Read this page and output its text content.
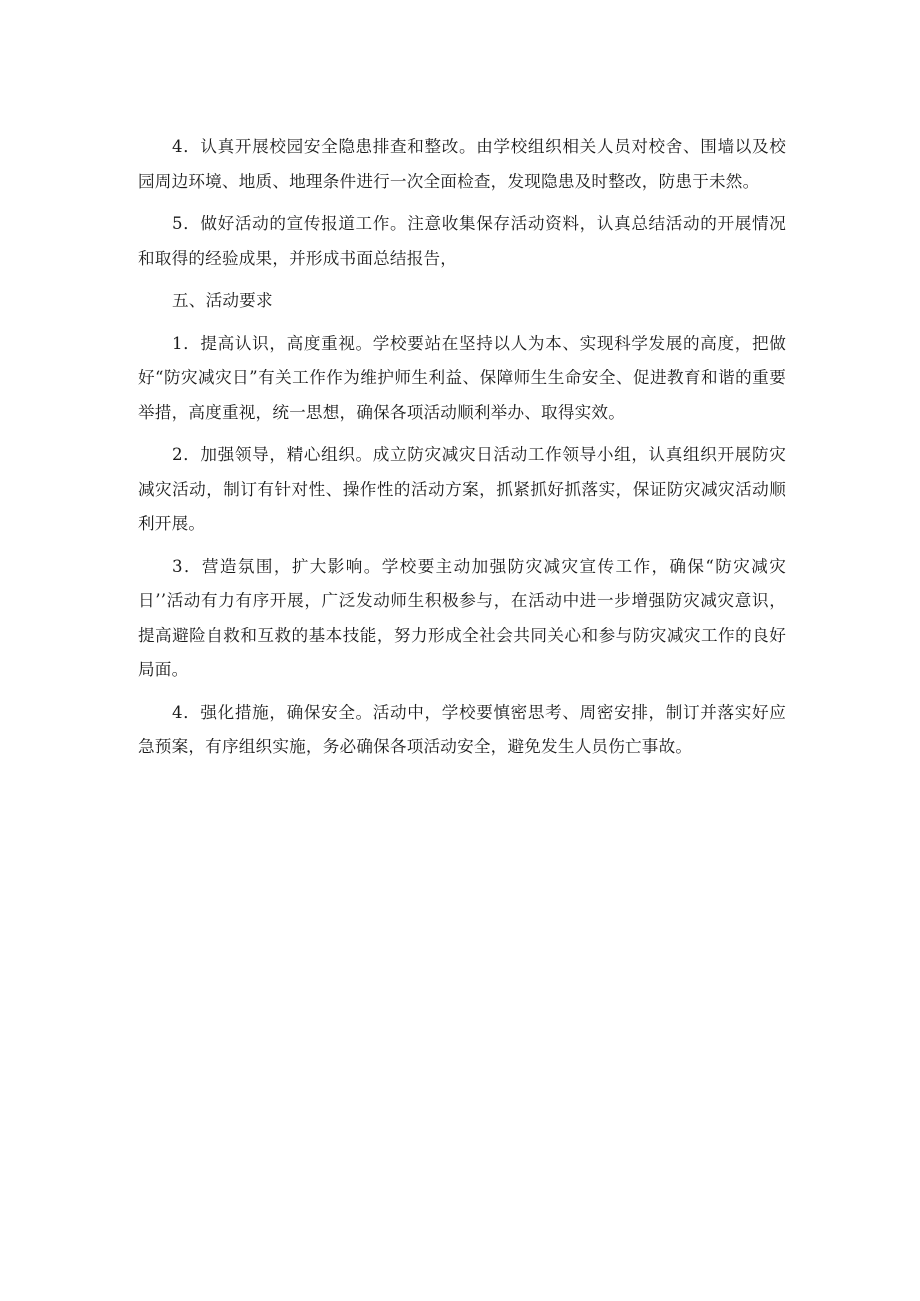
4．认真开展校园安全隐患排查和整改。由学校组织相关人员对校舍、围墙以及校园周边环境、地质、地理条件进行一次全面检查，发现隐患及时整改，防患于未然。

5．做好活动的宣传报道工作。注意收集保存活动资料，认真总结活动的开展情况和取得的经验成果，并形成书面总结报告，

五、活动要求

1．提高认识，高度重视。学校要站在坚持以人为本、实现科学发展的高度，把做好“防灾减灾日”有关工作作为维护师生利益、保障师生生命安全、促进教育和谐的重要举措，高度重视，统一思想，确保各项活动顺利举办、取得实效。

2．加强领导，精心组织。成立防灾减灾日活动工作领导小组，认真组织开展防灾减灾活动，制订有针对性、操作性的活动方案，抓紧抓好抓落实，保证防灾减灾活动顺利开展。

3．营造氛围，扩大影响。学校要主动加强防灾减灾宣传工作，确保“防灾减灾日’’活动有力有序开展，广泛发动师生积极参与，在活动中进一步增强防灾减灾意识，提高避险自救和互救的基本技能，努力形成全社会共同关心和参与防灾减灾工作的良好局面。

4．强化措施，确保安全。活动中，学校要慎密思考、周密安排，制订并落实好应急预案，有序组织实施，务必确保各项活动安全，避免发生人员伤亡事故。
